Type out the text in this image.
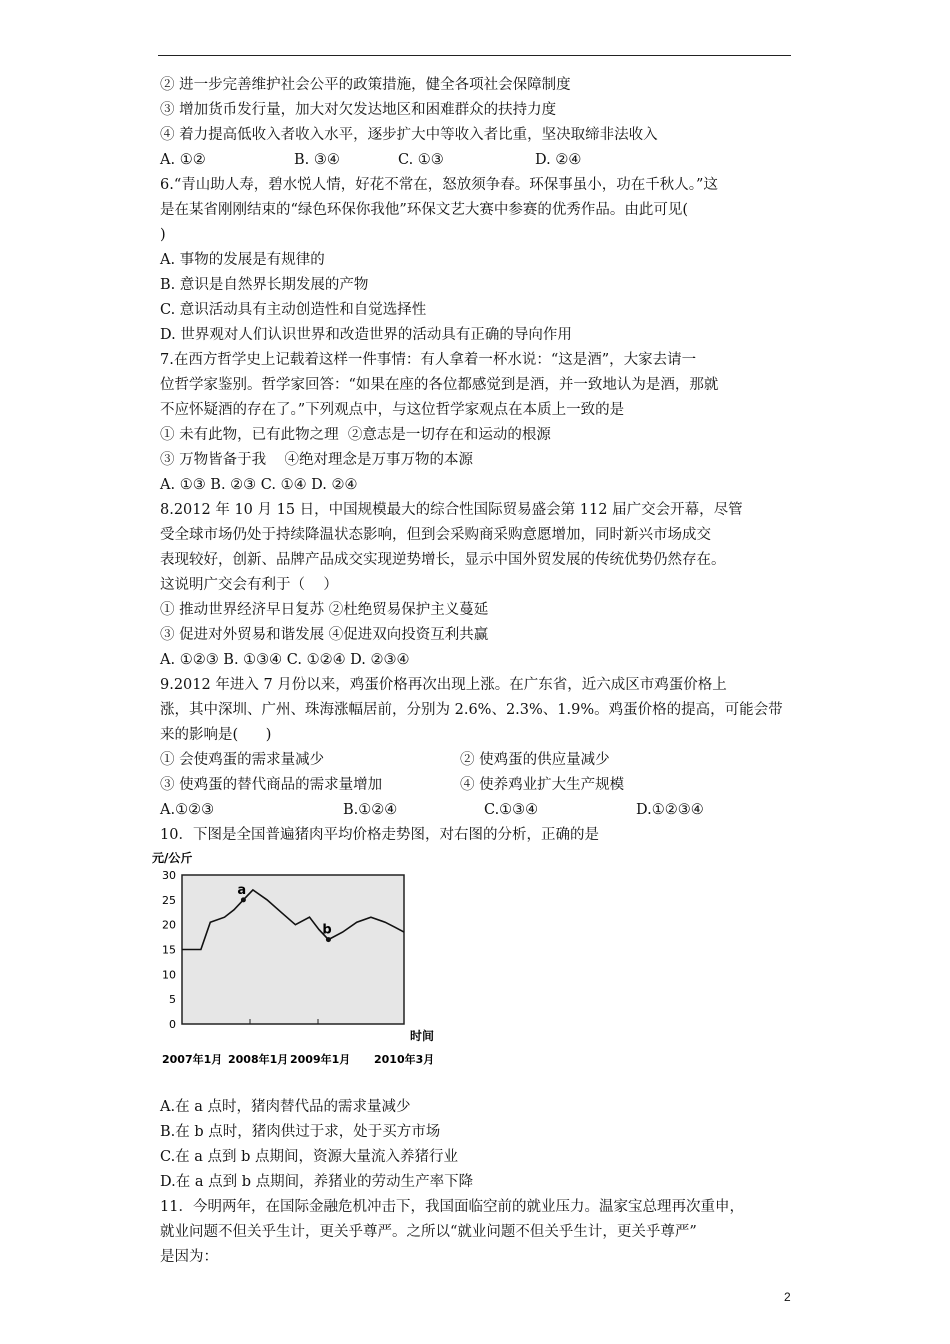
② 进一步完善维护社会公平的政策措施，健全各项社会保障制度
③ 增加货币发行量，加大对欠发达地区和困难群众的扶持力度
④ 着力提高低收入者收入水平，逐步扩大中等收入者比重，坚决取缔非法收入
A. ①②	B. ③④	C. ①③	D. ②④
6.“青山助人寿，碧水悦人情，好花不常在，怒放须争春。环保事虽小，功在千秋人。”这
是在某省刚刚结束的“绿色环保你我他”环保文艺大赛中参赛的优秀作品。由此可见(
)
A. 事物的发展是有规律的
B. 意识是自然界长期发展的产物
C. 意识活动具有主动创造性和自觉选择性
D. 世界观对人们认识世界和改造世界的活动具有正确的导向作用
7.在西方哲学史上记载着这样一件事情：有人拿着一杯水说：“这是酒”，大家去请一
位哲学家鉴别。哲学家回答：“如果在座的各位都感觉到是酒，并一致地认为是酒，那就
不应怀疑酒的存在了。”下列观点中，与这位哲学家观点在本质上一致的是
① 未有此物，已有此物之理  ②意志是一切存在和运动的根源
③ 万物皆备于我    ④绝对理念是万事万物的本源
A. ①③ B. ②③ C. ①④ D. ②④
8.2012 年 10 月 15 日，中国规模最大的综合性国际贸易盛会第 112 届广交会开幕，尽管
受全球市场仍处于持续降温状态影响，但到会采购商采购意愿增加，同时新兴市场成交
表现较好，创新、品牌产品成交实现逆势增长，显示中国外贸发展的传统优势仍然存在。
这说明广交会有利于（    ）
① 推动世界经济早日复苏 ②杜绝贸易保护主义蔓延
③ 促进对外贸易和谐发展 ④促进双向投资互利共赢
A. ①②③ B. ①③④ C. ①②④ D. ②③④
9.2012 年进入 7 月份以来，鸡蛋价格再次出现上涨。在广东省，近六成区市鸡蛋价格上
涨，其中深圳、广州、珠海涨幅居前，分别为 2.6%、2.3%、1.9%。鸡蛋价格的提高，可能会带
来的影响是(      )
① 会使鸡蛋的需求量减少	② 使鸡蛋的供应量减少
③ 使鸡蛋的替代商品的需求量增加	④ 使养鸡业扩大生产规模
A.①②③	B.①②④	C.①③④	D.①②③④
10．下图是全国普遍猪肉平均价格走势图，对右图的分析，正确的是
元/公斤
30
25
20
15
10
5
0
2007年1月 2008年1月 2009年1月 2010年3月
a
b
时间
A.在 a 点时，猪肉替代品的需求量减少
B.在 b 点时，猪肉供过于求，处于买方市场
C.在 a 点到 b 点期间，资源大量流入养猪行业
D.在 a 点到 b 点期间，养猪业的劳动生产率下降
11．今明两年，在国际金融危机冲击下，我国面临空前的就业压力。温家宝总理再次重申，
就业问题不但关乎生计，更关乎尊严。之所以“就业问题不但关乎生计，更关乎尊严”
是因为：
2
